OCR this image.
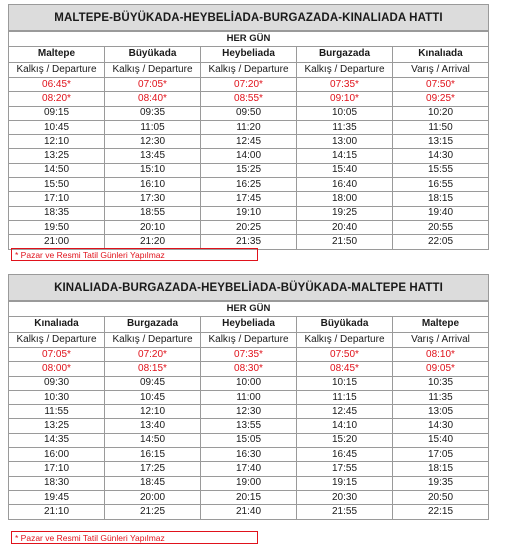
MALTEPE-BÜYÜKADA-HEYBELİADA-BURGAZADA-KINALIADA HATTI
HER GÜN				
Maltepe	Büyükada	Heybeliada	Burgazada	Kınalıada
Kalkış / Departure	Kalkış / Departure	Kalkış / Departure	Kalkış / Departure	Varış / Arrival
06:45*	07:05*	07:20*	07:35*	07:50*
08:20*	08:40*	08:55*	09:10*	09:25*
09:15	09:35	09:50	10:05	10:20
10:45	11:05	11:20	11:35	11:50
12:10	12:30	12:45	13:00	13:15
13:25	13:45	14:00	14:15	14:30
14:50	15:10	15:25	15:40	15:55
15:50	16:10	16:25	16:40	16:55
17:10	17:30	17:45	18:00	18:15
18:35	18:55	19:10	19:25	19:40
19:50	20:10	20:25	20:40	20:55
21:00	21:20	21:35	21:50	22:05
* Pazar ve Resmi Tatil Günleri Yapılmaz
KINALIADA-BURGAZADA-HEYBELİADA-BÜYÜKADA-MALTEPE HATTI
HER GÜN				
Kınalıada	Burgazada	Heybeliada	Büyükada	Maltepe
Kalkış / Departure	Kalkış / Departure	Kalkış / Departure	Kalkış / Departure	Varış / Arrival
07:05*	07:20*	07:35*	07:50*	08:10*
08:00*	08:15*	08:30*	08:45*	09:05*
09:30	09:45	10:00	10:15	10:35
10:30	10:45	11:00	11:15	11:35
11:55	12:10	12:30	12:45	13:05
13:25	13:40	13:55	14:10	14:30
14:35	14:50	15:05	15:20	15:40
16:00	16:15	16:30	16:45	17:05
17:10	17:25	17:40	17:55	18:15
18:30	18:45	19:00	19:15	19:35
19:45	20:00	20:15	20:30	20:50
21:10	21:25	21:40	21:55	22:15
* Pazar ve Resmi Tatil Günleri Yapılmaz
